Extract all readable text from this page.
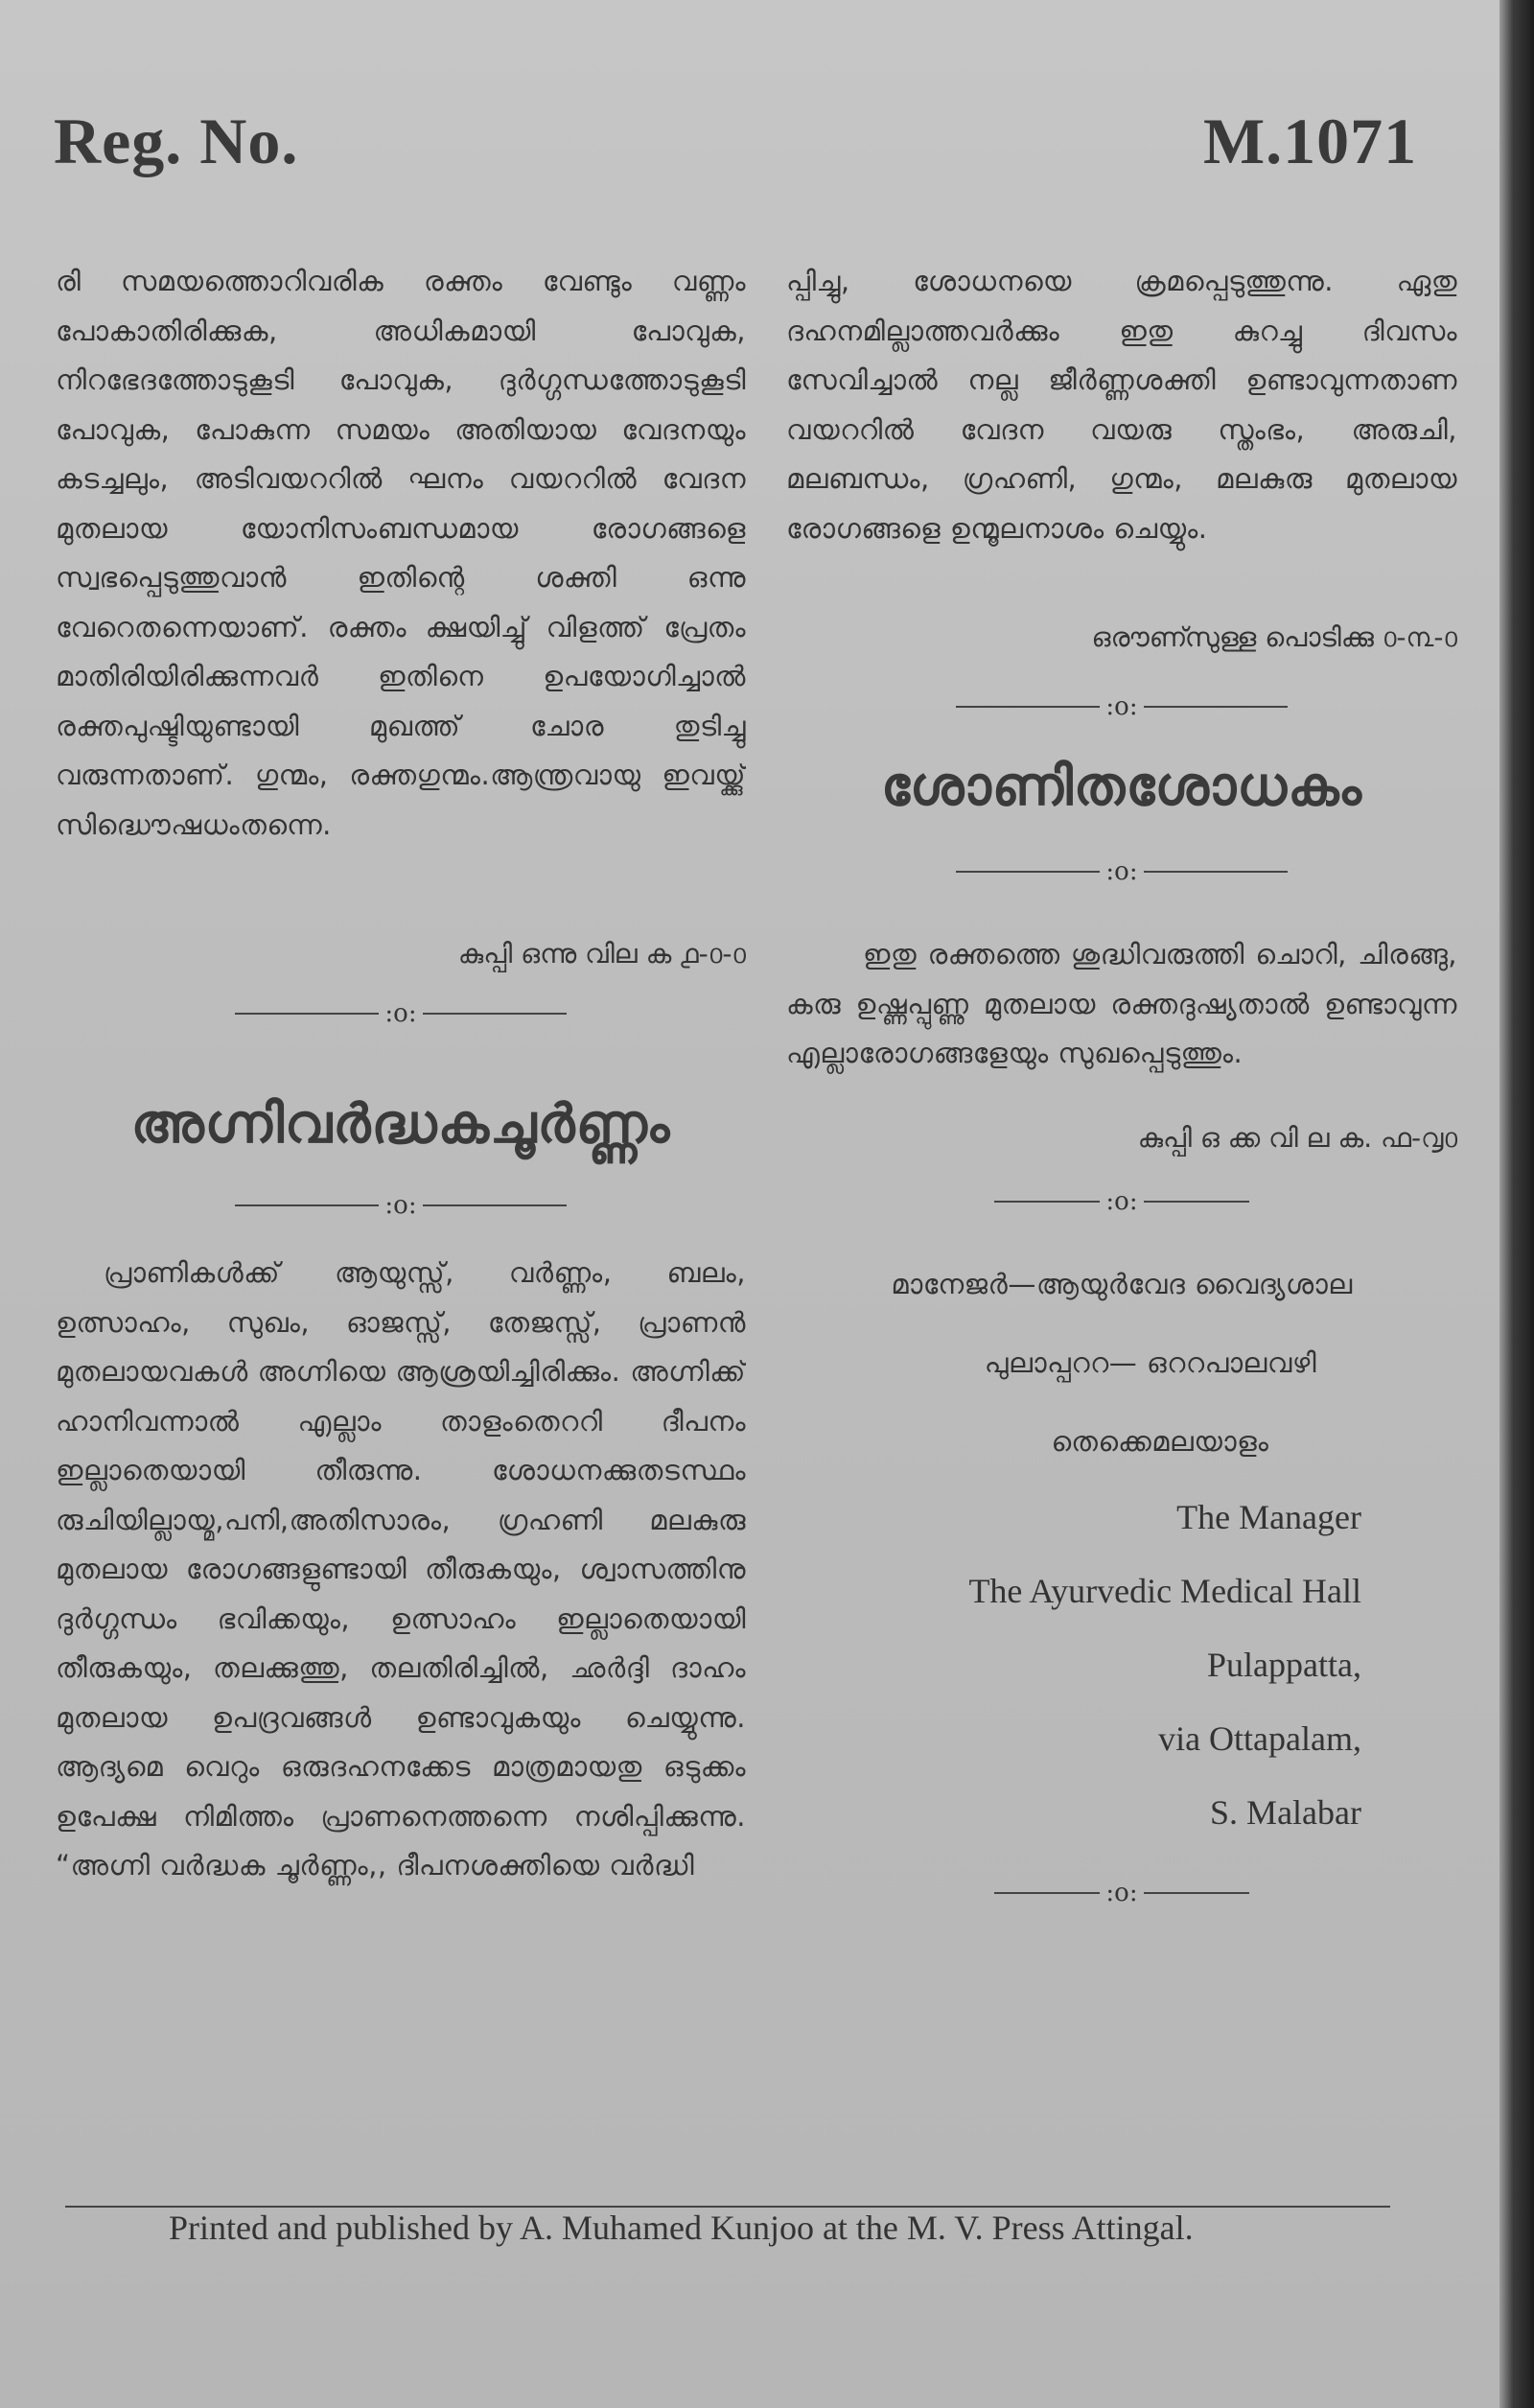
Reg. No.	M.1071

രി സമയത്തൊറിവരിക രക്തം വേണ്ടും വണ്ണം പോകാതിരിക്കുക, അധികമായി പോവുക, നിറഭേദത്തോടുകൂടി പോവുക, ദുർഗ്ഗന്ധത്തോടുകൂടി പോവുക, പോകുന്ന സമയം അതിയായ വേദനയും കടച്ചലും, അടിവയററിൽ ഘനം വയററിൽ വേദന മുതലായ യോനിസംബന്ധമായ രോഗങ്ങളെ സ്വഭപ്പെടുത്തുവാൻ ഇതിന്റെ ശക്തി ഒന്നു വേറെതന്നെയാണ്. രക്തം ക്ഷയിച്ചു് വിളത്ത് പ്രേതം മാതിരിയിരിക്കുന്നവർ ഇതിനെ ഉപയോഗിച്ചാൽ രക്തപുഷ്ടിയുണ്ടായി മുഖത്ത് ചോര തുടിച്ചു വരുന്നതാണ്. ഗുന്മം, രക്തഗുന്മം.ആന്ത്രവായു ഇവയ്ക്കു് സിദ്ധൌഷധംതന്നെ.

കുപ്പി ഒന്നു വില ക ൧-൦-൦

:o:
അഗ്നിവർദ്ധകചൂർണ്ണം
:o:

പ്രാണികൾക്ക് ആയുസ്സ്, വർണ്ണം, ബലം, ഉത്സാഹം, സുഖം, ഓജസ്സ്, തേജസ്സ്, പ്രാണൻ മുതലായവകൾ അഗ്നിയെ ആശ്രയിച്ചിരിക്കും. അഗ്നിക്ക് ഹാനിവന്നാൽ എല്ലാം താളംതെററി ദീപനം ഇല്ലാതെയായി തീരുന്നു. ശോധനക്കുതടസ്ഥം രുചിയില്ലായ്മ,പനി,അതിസാരം, ഗ്രഹണി മലകുരു മുതലായ രോഗങ്ങളുണ്ടായി തീരുകയും, ശ്വാസത്തിനു ദുർഗ്ഗന്ധം ഭവിക്കയും, ഉത്സാഹം ഇല്ലാതെയായി തീരുകയും, തലക്കുത്തു, തലതിരിച്ചിൽ, ഛർദ്ദി ദാഹം മുതലായ ഉപദ്രവങ്ങൾ ഉണ്ടാവുകയും ചെയ്യുന്നു. ആദ്യമെ വെറും ഒരുദഹനക്കേട മാത്രമായതു ഒടുക്കം ഉപേക്ഷ നിമിത്തം പ്രാണനെത്തന്നെ നശിപ്പിക്കുന്നു. “അഗ്നി വർദ്ധക ചൂർണ്ണം,, ദീപനശക്തിയെ വർദ്ധി

പ്പിച്ചു, ശോധനയെ ക്രമപ്പെടുത്തുന്നു. ഏതു ദഹനമില്ലാത്തവർക്കും ഇതു കുറച്ചു ദിവസം സേവിച്ചാൽ നല്ല ജീർണ്ണശക്തി ഉണ്ടാവുന്നതാണ വയററിൽ വേദന വയരു സ്തംഭം, അരുചി, മലബന്ധം, ഗ്രഹണി, ഗുന്മം, മലകുരു മുതലായ രോഗങ്ങളെ ഉന്മൂലനാശം ചെയ്യും.

ഒരൗണ്സുള്ള പൊടിക്കു ൦-൩-൦

:o:
ശോണിതശോധകം
:o:

ഇതു രക്തത്തെ ശുദ്ധിവരുത്തി ചൊറി, ചിരങ്ങു, കരു ഉഷ്ണപ്പുണ്ണു മുതലായ രക്തദുഷ്യതാൽ ഉണ്ടാവുന്ന എല്ലാരോഗങ്ങളേയും സുഖപ്പെടുത്തും.

കുപ്പി ഒ ക്ക വി ല ക. ഫ-൮൦

:o:

മാനേജർ—ആയുർവേദ വൈദ്യശാല

പുലാപ്പററ— ഒററപാലവഴി

തെക്കെമലയാളം

The Manager

The Ayurvedic Medical Hall

Pulappatta,

via Ottapalam,

S. Malabar

:o:
Printed and published by A. Muhamed Kunjoo at the M. V. Press Attingal.
